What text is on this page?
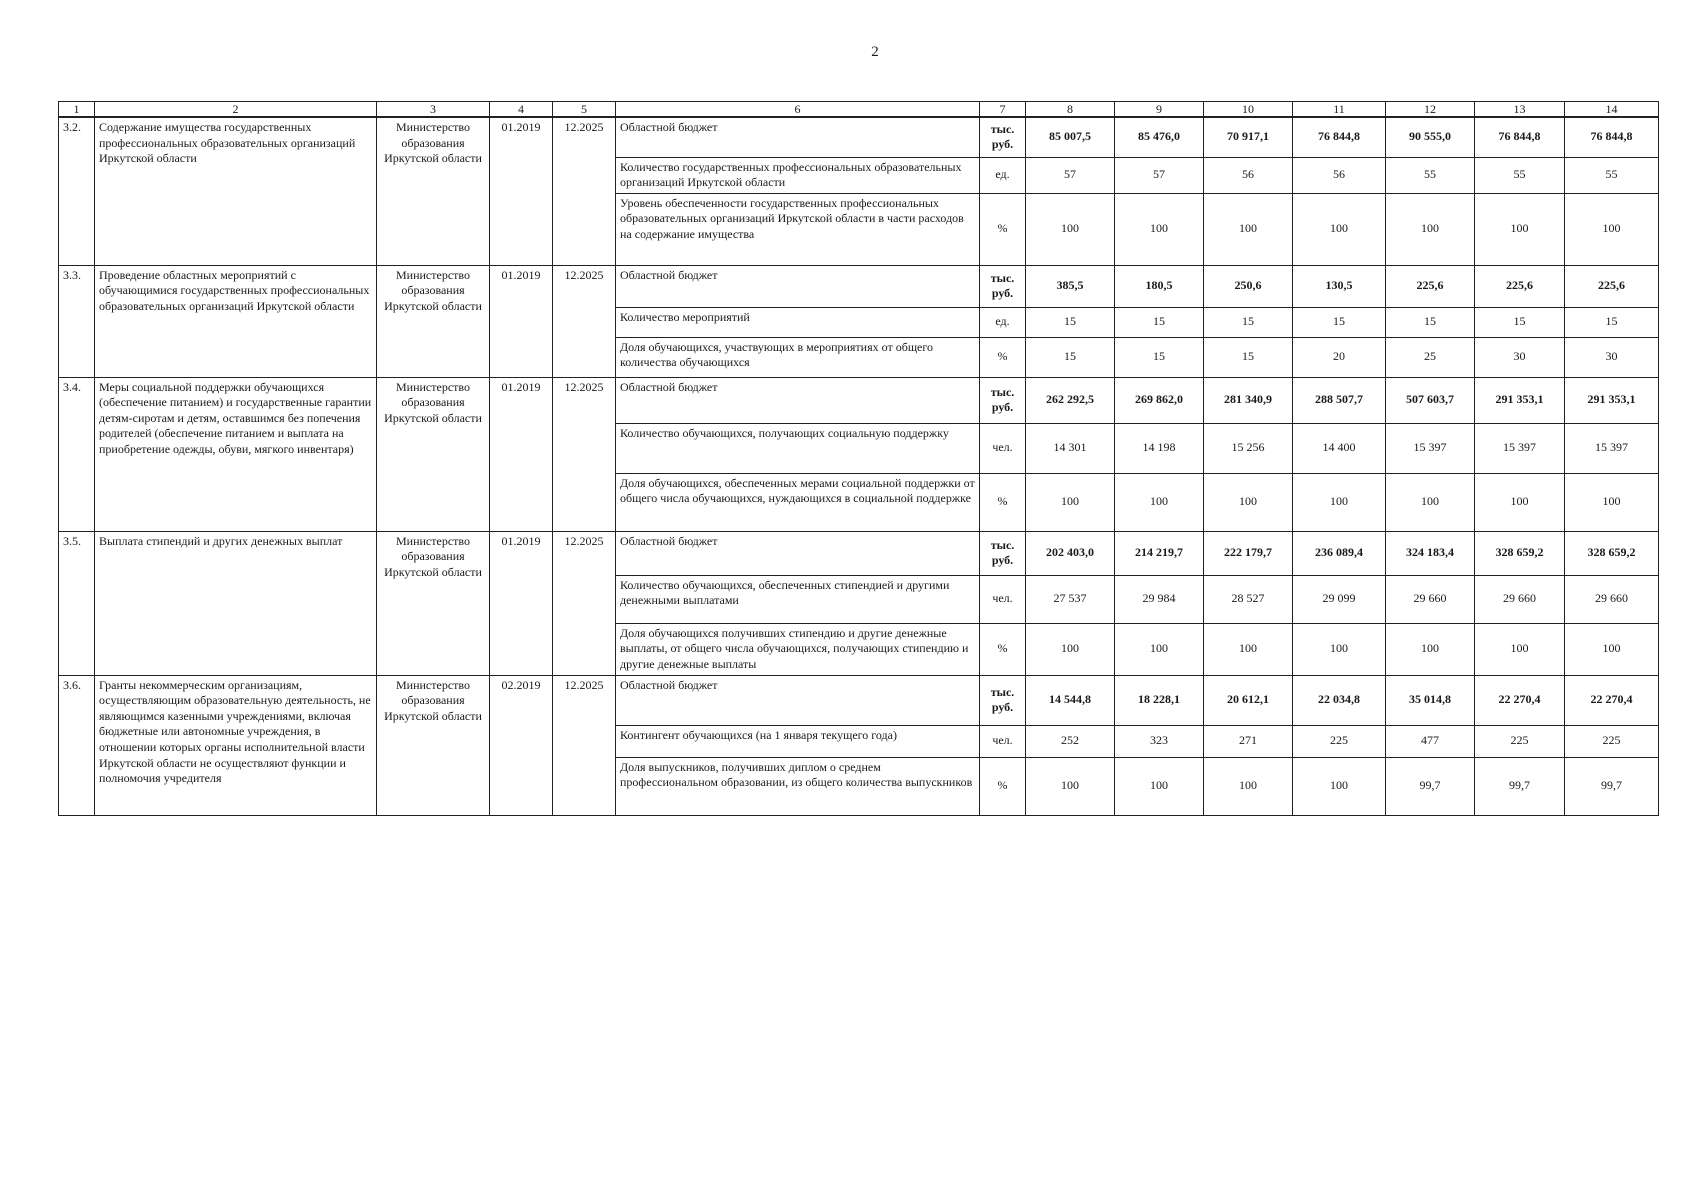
2
1	2	3	4	5	6	7	8	9	10	11	12	13	14
3.2.	Содержание имущества государственных профессиональных образовательных организаций Иркутской области	Министерство образования Иркутской области	01.2019	12.2025	Областной бюджет	тыс. руб.	85 007,5	85 476,0	70 917,1	76 844,8	90 555,0	76 844,8	76 844,8
					Количество государственных профессиональных образовательных организаций Иркутской области	ед.	57	57	56	56	55	55	55
					Уровень обеспеченности государственных профессиональных образовательных организаций Иркутской области в части расходов на содержание имущества	%	100	100	100	100	100	100	100
3.3.	Проведение областных мероприятий с обучающимися государственных профессиональных образовательных организаций Иркутской области	Министерство образования Иркутской области	01.2019	12.2025	Областной бюджет	тыс. руб.	385,5	180,5	250,6	130,5	225,6	225,6	225,6
					Количество мероприятий	ед.	15	15	15	15	15	15	15
					Доля обучающихся, участвующих в мероприятиях от общего количества обучающихся	%	15	15	15	20	25	30	30
3.4.	Меры социальной поддержки обучающихся (обеспечение питанием) и государственные гарантии детям-сиротам и детям, оставшимся без попечения родителей (обеспечение питанием и выплата на приобретение одежды, обуви, мягкого инвентаря)	Министерство образования Иркутской области	01.2019	12.2025	Областной бюджет	тыс. руб.	262 292,5	269 862,0	281 340,9	288 507,7	507 603,7	291 353,1	291 353,1
					Количество обучающихся, получающих социальную поддержку	чел.	14 301	14 198	15 256	14 400	15 397	15 397	15 397
					Доля обучающихся, обеспеченных мерами социальной поддержки от общего числа обучающихся, нуждающихся в социальной поддержке	%	100	100	100	100	100	100	100
3.5.	Выплата стипендий и других денежных выплат	Министерство образования Иркутской области	01.2019	12.2025	Областной бюджет	тыс. руб.	202 403,0	214 219,7	222 179,7	236 089,4	324 183,4	328 659,2	328 659,2
					Количество обучающихся, обеспеченных стипендией и другими денежными выплатами	чел.	27 537	29 984	28 527	29 099	29 660	29 660	29 660
					Доля обучающихся получивших стипендию и другие денежные выплаты, от общего числа обучающихся, получающих стипендию и другие денежные выплаты	%	100	100	100	100	100	100	100
3.6.	Гранты некоммерческим организациям, осуществляющим образовательную деятельность, не являющимся казенными учреждениями, включая бюджетные или автономные учреждения, в отношении которых органы исполнительной власти Иркутской области не осуществляют функции и полномочия учредителя	Министерство образования Иркутской области	02.2019	12.2025	Областной бюджет	тыс. руб.	14 544,8	18 228,1	20 612,1	22 034,8	35 014,8	22 270,4	22 270,4
					Контингент обучающихся (на 1 января текущего года)	чел.	252	323	271	225	477	225	225
					Доля выпускников, получивших диплом о среднем профессиональном образовании, из общего количества выпускников	%	100	100	100	100	99,7	99,7	99,7
